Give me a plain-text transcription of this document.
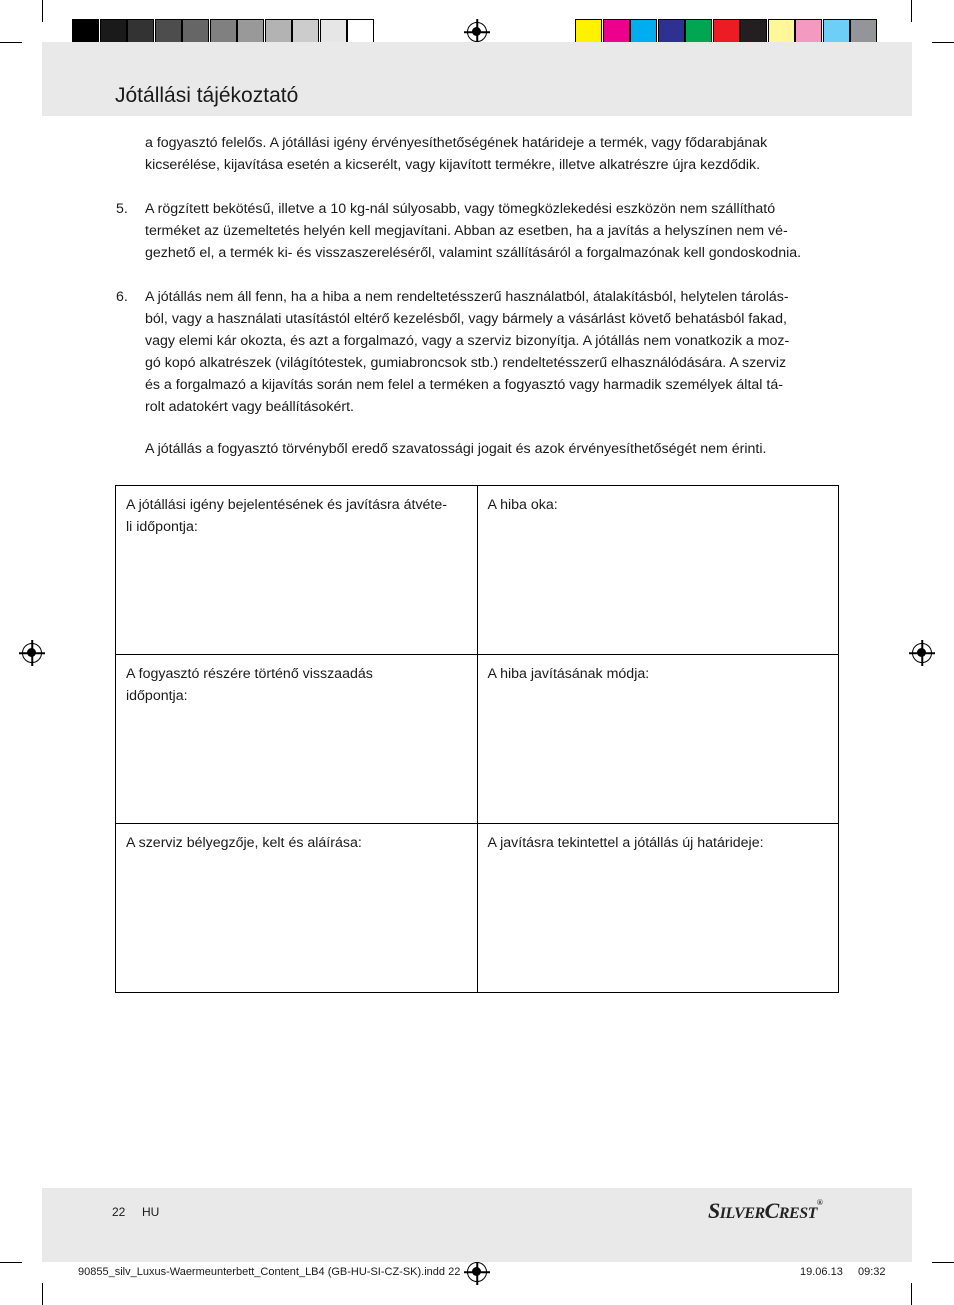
Jótállási tájékoztató
a fogyasztó felelős. A jótállási igény érvényesíthetőségének határideje a termék, vagy fődarabjának
kicserélése, kijavítása esetén a kicserélt, vagy kijavított termékre, illetve alkatrészre újra kezdődik.
5. A rögzített bekötésű, illetve a 10 kg-nál súlyosabb, vagy tömegközlekedési eszközön nem szállítható
terméket az üzemeltetés helyén kell megjavítani. Abban az esetben, ha a javítás a helyszínen nem vé-
gezhető el, a termék ki- és visszaszereléséről, valamint szállításáról a forgalmazónak kell gondoskodnia.
6. A jótállás nem áll fenn, ha a hiba a nem rendeltetésszerű használatból, átalakításból, helytelen tárolás-
ból, vagy a használati utasítástól eltérő kezelésből, vagy bármely a vásárlást követő behatásból fakad,
vagy elemi kár okozta, és azt a forgalmazó, vagy a szerviz bizonyítja. A jótállás nem vonatkozik a moz-
gó kopó alkatrészek (világítótestek, gumiabroncsok stb.) rendeltetésszerű elhasználódására. A szerviz
és a forgalmazó a kijavítás során nem felel a terméken a fogyasztó vagy harmadik személyek által tá-
rolt adatokért vagy beállításokért.
A jótállás a fogyasztó törvényből eredő szavatossági jogait és azok érvényesíthetőségét nem érinti.
A jótállási igény bejelentésének és javításra átvéte-
li időpontja:	A hiba oka:

A fogyasztó részére történő visszaadás
időpontja:	A hiba javításának módja:

A szerviz bélyegzője, kelt és aláírása:	A javításra tekintettel a jótállás új határideje:
22 HU	SILVERCREST®
90855_silv_Luxus-Waermeunterbett_Content_LB4 (GB-HU-SI-CZ-SK).indd 22	19.06.13 09:32
